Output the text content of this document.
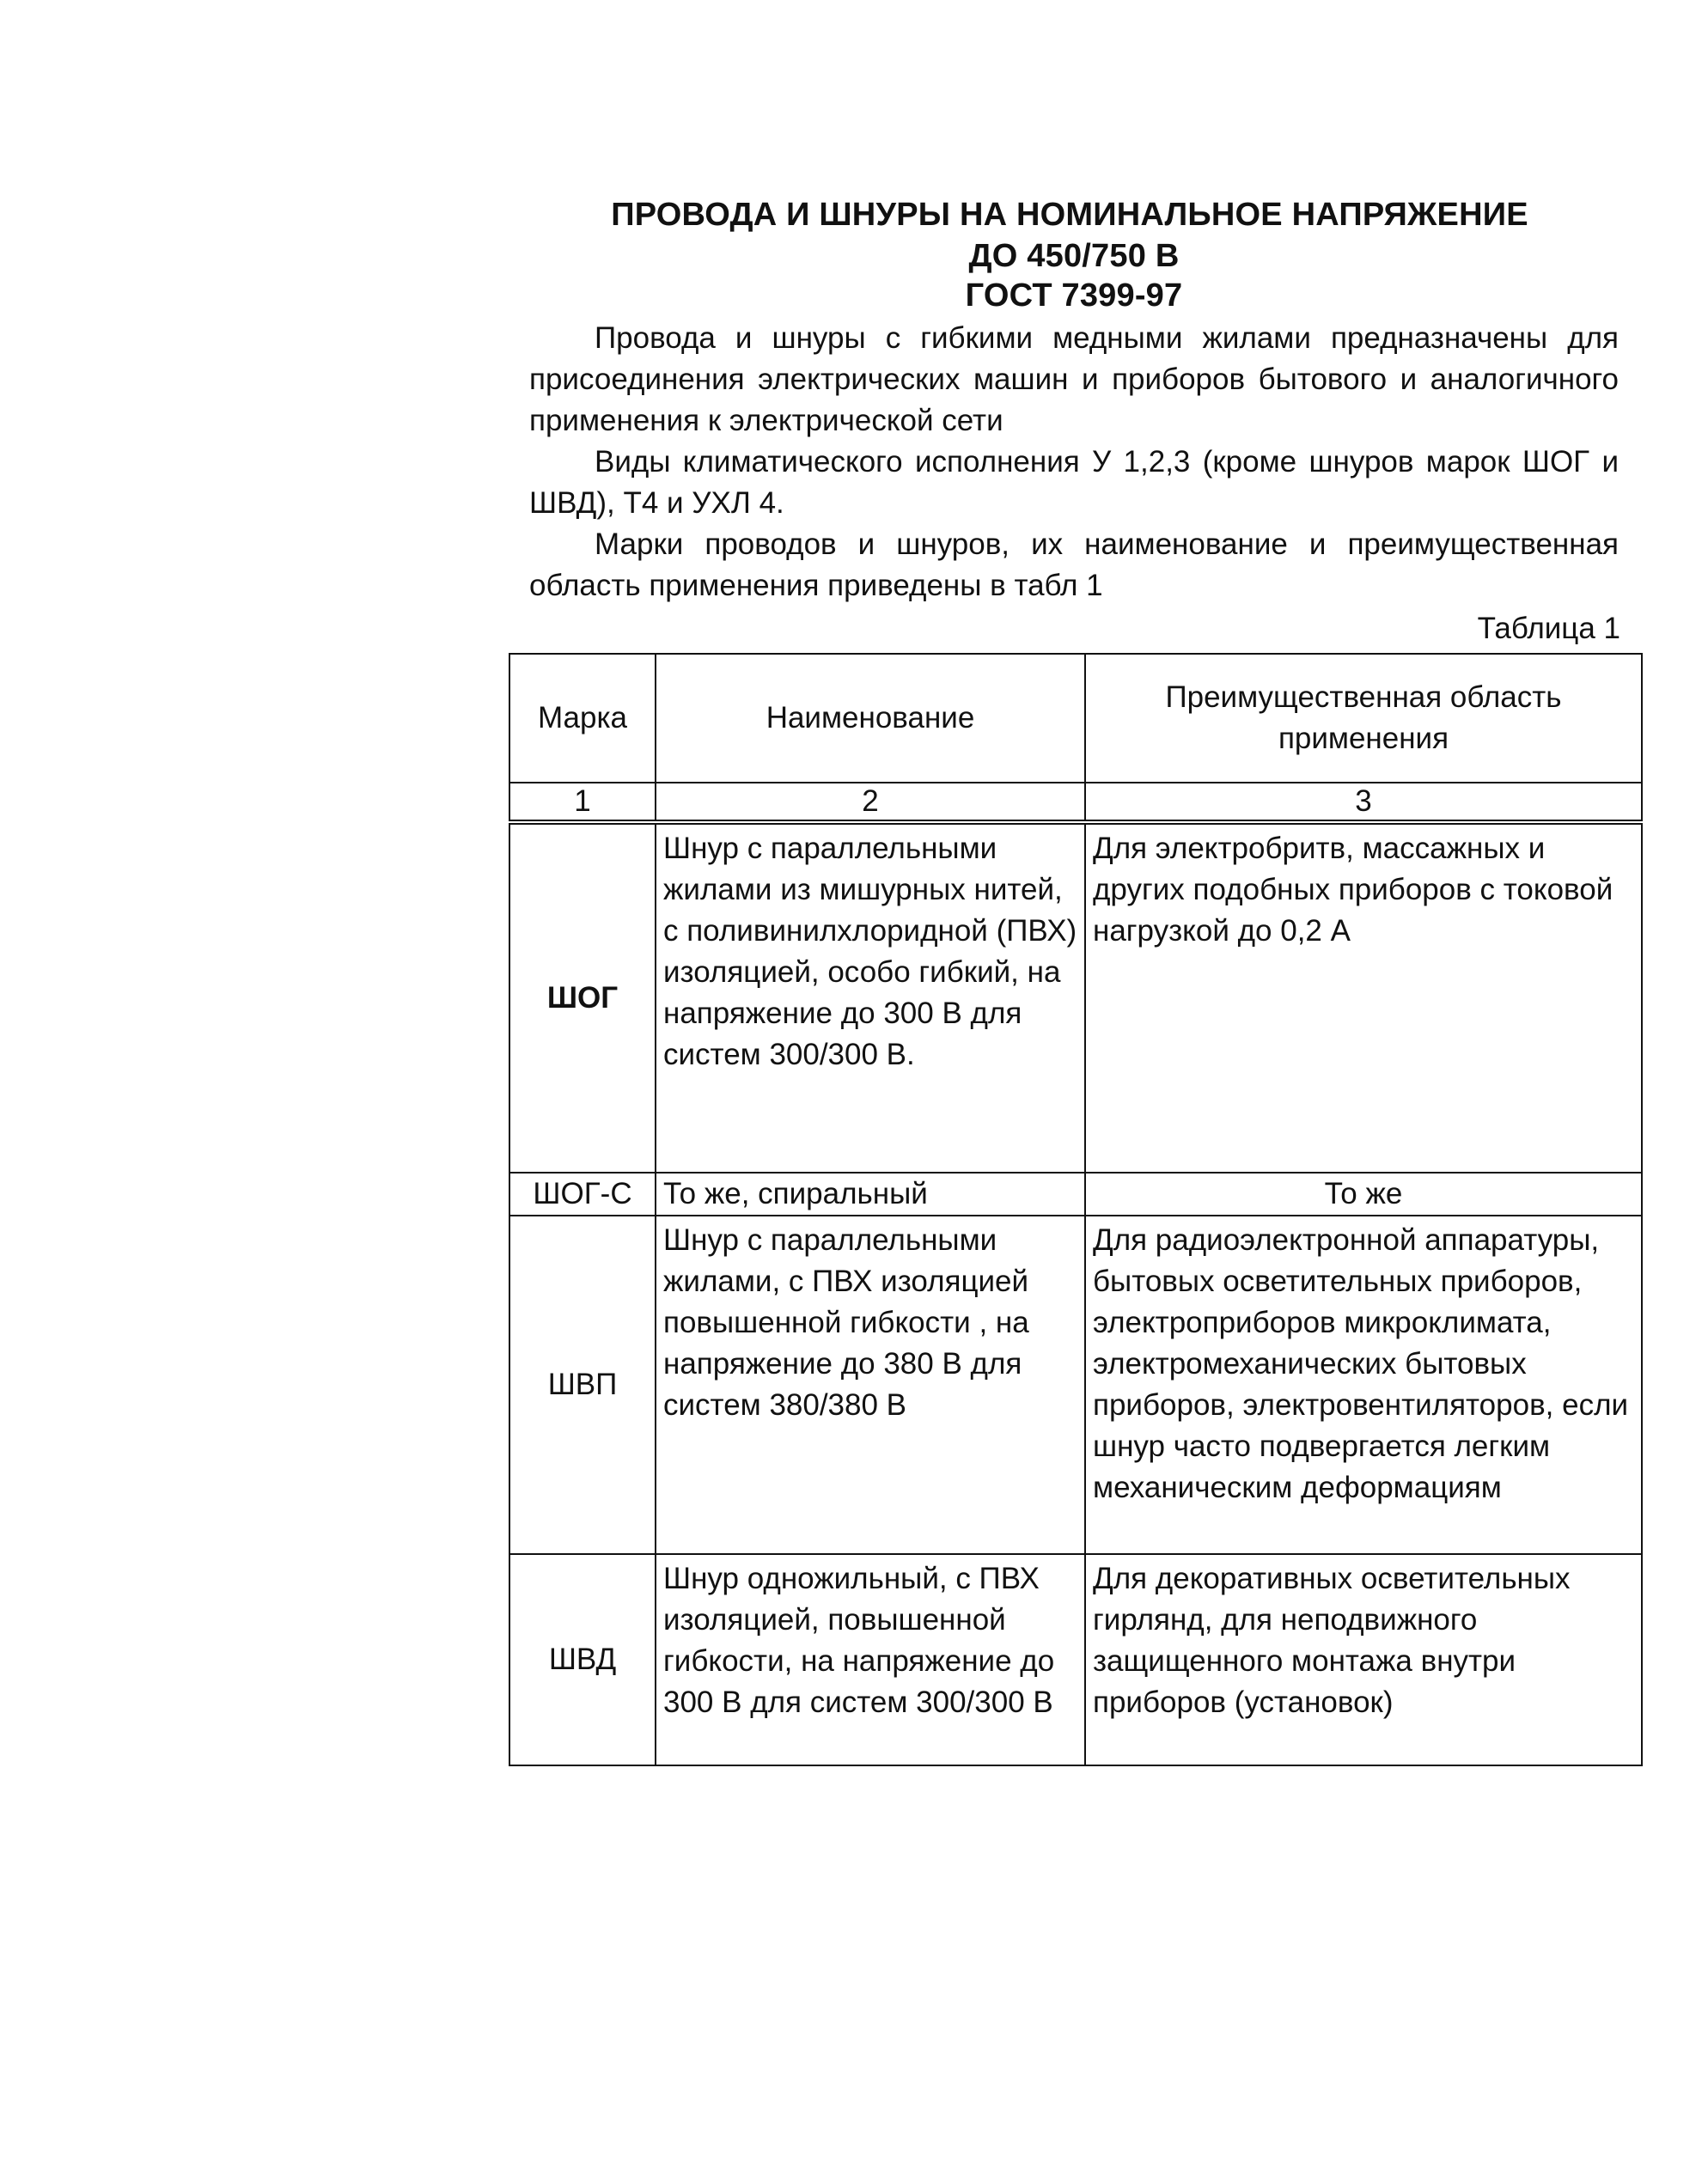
ПРОВОДА И ШНУРЫ НА НОМИНАЛЬНОЕ НАПРЯЖЕНИЕ
ДО 450/750 В
ГОСТ 7399-97
Провода и шнуры с гибкими медными жилами предназначены для присоединения электрических машин и приборов бытового и аналогичного применения к электрической сети
Виды климатического исполнения У 1,2,3 (кроме шнуров марок ШОГ и ШВД), Т4 и УХЛ 4.
Марки проводов и шнуров, их наименование и преимущественная область применения приведены в табл 1
Таблица 1
Марка	Наименование	Преимущественная область применения
1	2	3
ШОГ	Шнур с параллельными жилами из мишурных нитей, с поливинилхлоридной (ПВХ) изоляцией, особо гибкий, на напряжение до 300 В для систем 300/300 В.	Для электробритв, массажных и других подобных приборов с токовой нагрузкой до 0,2 А
ШОГ-С	То же, спиральный	То же
ШВП	Шнур с параллельными жилами, с ПВХ изоляцией повышенной гибкости , на напряжение до 380 В для систем 380/380 В	Для радиоэлектронной аппаратуры, бытовых осветительных приборов, электроприборов микроклимата, электромеханических бытовых приборов, электровентиляторов, если шнур часто подвергается легким механическим деформациям
ШВД	Шнур одножильный, с ПВХ изоляцией, повышенной гибкости, на напряжение до 300 В для систем 300/300 В	Для декоративных осветительных гирлянд, для неподвижного защищенного монтажа внутри приборов (установок)
